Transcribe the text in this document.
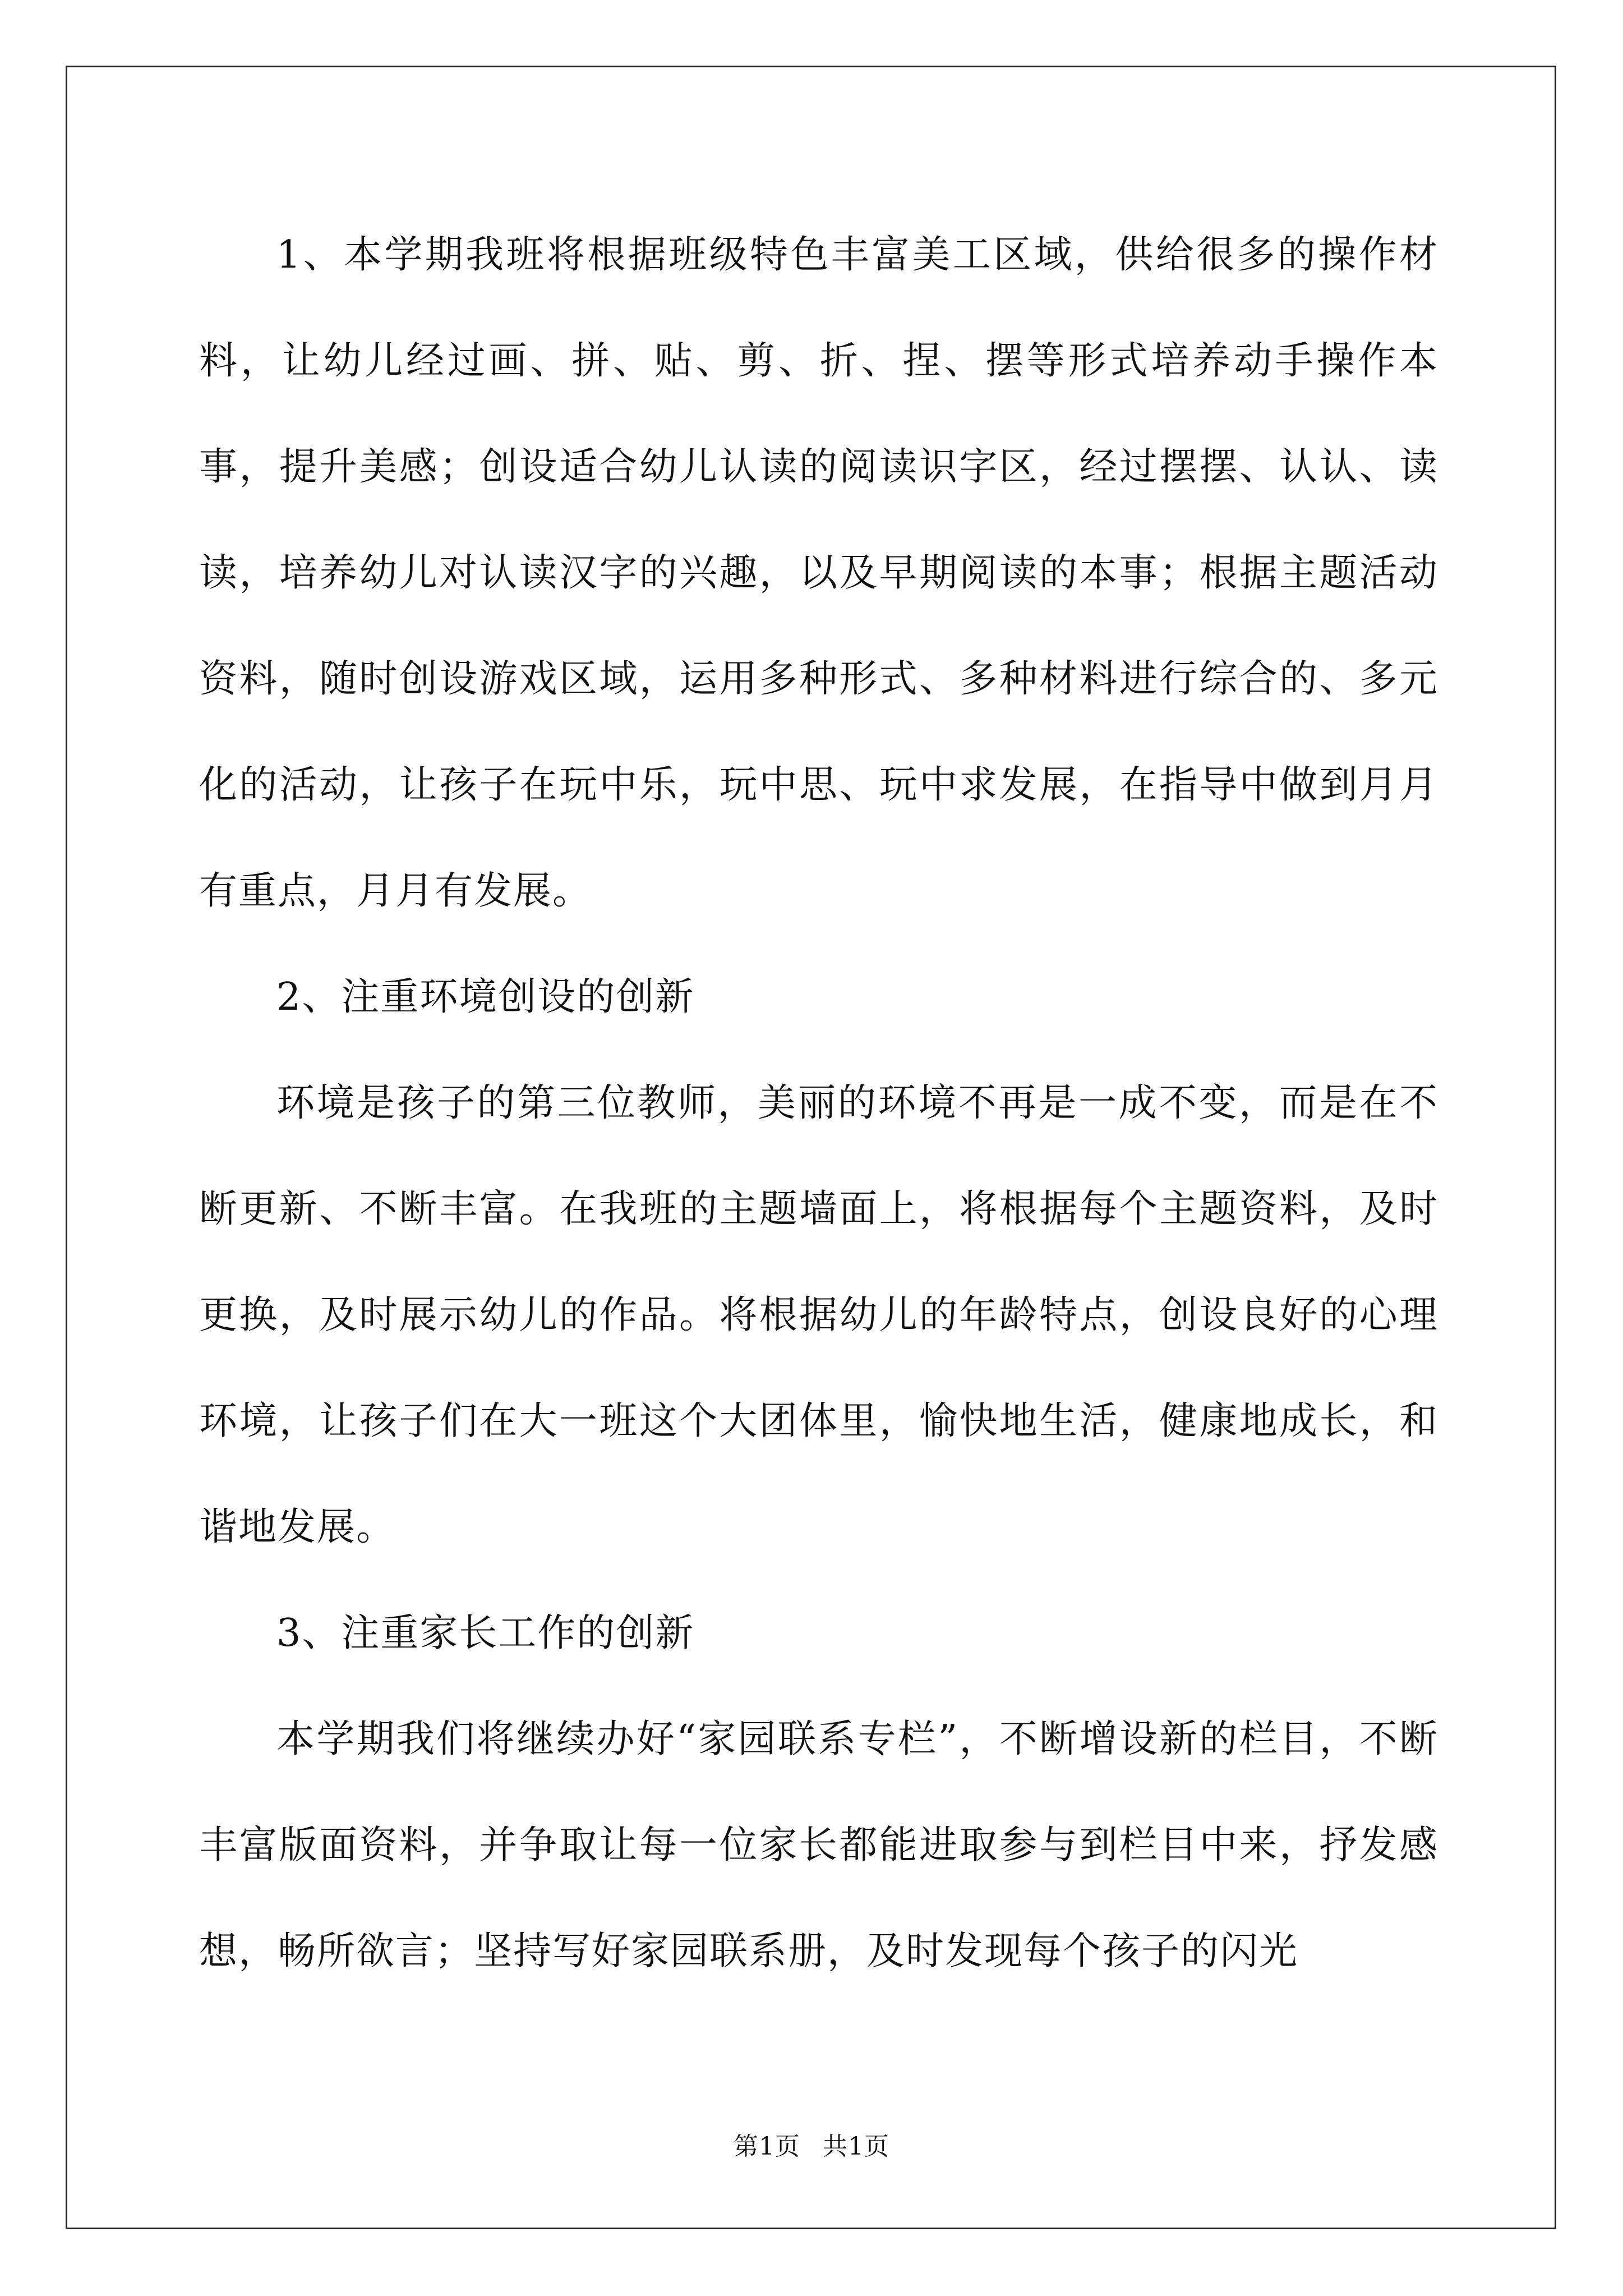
1、本学期我班将根据班级特色丰富美工区域，供给很多的操作材料，让幼儿经过画、拼、贴、剪、折、捏、摆等形式培养动手操作本事，提升美感；创设适合幼儿认读的阅读识字区，经过摆摆、认认、读读，培养幼儿对认读汉字的兴趣，以及早期阅读的本事；根据主题活动资料，随时创设游戏区域，运用多种形式、多种材料进行综合的、多元化的活动，让孩子在玩中乐，玩中思、玩中求发展，在指导中做到月月有重点，月月有发展。

2、注重环境创设的创新

环境是孩子的第三位教师，美丽的环境不再是一成不变，而是在不断更新、不断丰富。在我班的主题墙面上，将根据每个主题资料，及时更换，及时展示幼儿的作品。将根据幼儿的年龄特点，创设良好的心理环境，让孩子们在大一班这个大团体里，愉快地生活，健康地成长，和谐地发展。

3、注重家长工作的创新

本学期我们将继续办好“家园联系专栏”，不断增设新的栏目，不断丰富版面资料，并争取让每一位家长都能进取参与到栏目中来，抒发感想，畅所欲言；坚持写好家园联系册，及时发现每个孩子的闪光

第1页 共1页
